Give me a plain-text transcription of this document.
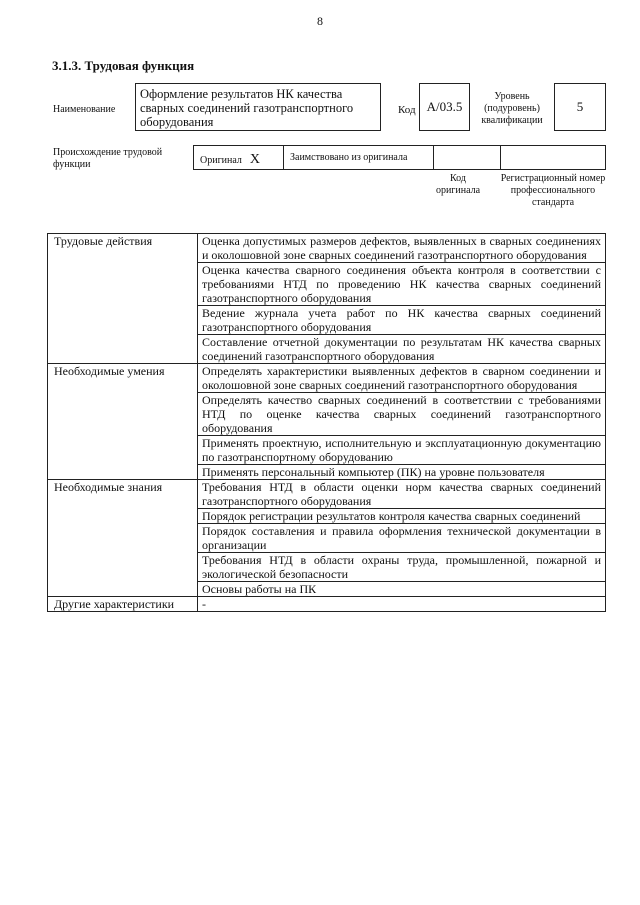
8
3.1.3. Трудовая функция
Наименование
Оформление результатов НК качества сварных соединений газотранспортного оборудования
Код А/03.5
Уровень (подуровень) квалификации
5
Происхождение трудовой функции	Оригинал X	Заимствовано из оригинала
Код оригинала
Регистрационный номер профессионального стандарта
Трудовые действия	Оценка допустимых размеров дефектов, выявленных в сварных соединениях и околошовной зоне сварных соединений газотранспортного оборудования
	Оценка качества сварного соединения объекта контроля в соответствии с требованиями НТД по проведению НК качества сварных соединений газотранспортного оборудования
	Ведение журнала учета работ по НК качества сварных соединений газотранспортного оборудования
	Составление отчетной документации по результатам НК качества сварных соединений газотранспортного оборудования
Необходимые умения	Определять характеристики выявленных дефектов в сварном соединении и околошовной зоне сварных соединений газотранспортного оборудования
	Определять качество сварных соединений в соответствии с требованиями НТД по оценке качества сварных соединений газотранспортного оборудования
	Применять проектную, исполнительную и эксплуатационную документацию по газотранспортному оборудованию
	Применять персональный компьютер (ПК) на уровне пользователя
Необходимые знания	Требования НТД в области оценки норм качества сварных соединений газотранспортного оборудования
	Порядок регистрации результатов контроля качества сварных соединений
	Порядок составления и правила оформления технической документации в организации
	Требования НТД в области охраны труда, промышленной, пожарной и экологической безопасности
	Основы работы на ПК
Другие характеристики	-
